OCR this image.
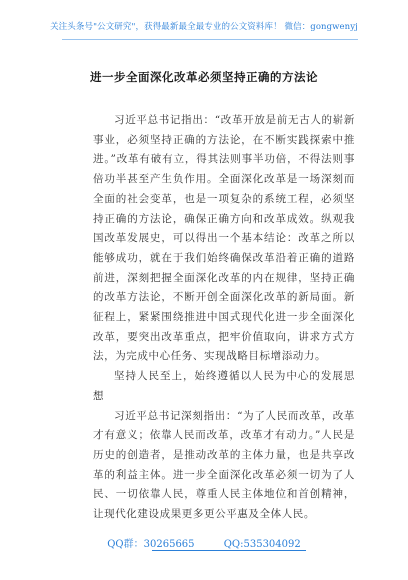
关注头条号"公文研究"，获得最新最全最专业的公文资料库！ 微信：gongwenyj
进一步全面深化改革必须坚持正确的方法论

习近平总书记指出：“改革开放是前无古人的崭新事业，必须坚持正确的方法论，在不断实践探索中推进。”改革有破有立，得其法则事半功倍，不得法则事倍功半甚至产生负作用。全面深化改革是一场深刻而全面的社会变革，也是一项复杂的系统工程，必须坚持正确的方法论，确保正确方向和改革成效。纵观我国改革发展史，可以得出一个基本结论：改革之所以能够成功，就在于我们始终确保改革沿着正确的道路前进，深刻把握全面深化改革的内在规律，坚持正确的改革方法论，不断开创全面深化改革的新局面。新征程上，紧紧围绕推进中国式现代化进一步全面深化改革，要突出改革重点，把牢价值取向，讲求方式方法，为完成中心任务、实现战略目标增添动力。

坚持人民至上，始终遵循以人民为中心的发展思想

习近平总书记深刻指出：“为了人民而改革，改革才有意义；依靠人民而改革，改革才有动力。”人民是历史的创造者，是推动改革的主体力量，也是共享改革的利益主体。进一步全面深化改革必须一切为了人民、一切依靠人民，尊重人民主体地位和首创精神，让现代化建设成果更多更公平惠及全体人民。

QQ群：30265665	QQ:535304092
